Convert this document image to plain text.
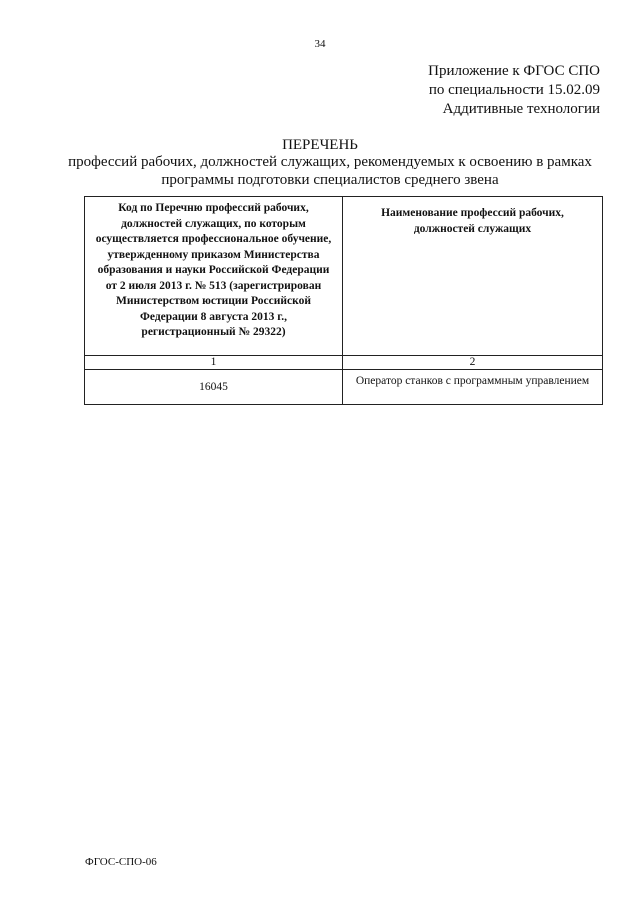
34
Приложение к ФГОС СПО
по специальности 15.02.09
Аддитивные технологии
ПЕРЕЧЕНЬ
профессий рабочих, должностей служащих, рекомендуемых к освоению в рамках программы подготовки специалистов среднего звена
Код по Перечню профессий рабочих, должностей служащих, по которым осуществляется профессиональное обучение, утвержденному приказом Министерства образования и науки Российской Федерации от 2 июля 2013 г. № 513 (зарегистрирован Министерством юстиции Российской Федерации 8 августа 2013 г., регистрационный № 29322)	Наименование профессий рабочих, должностей служащих

1	2
16045	Оператор станков с программным управлением
ФГОС-СПО-06
